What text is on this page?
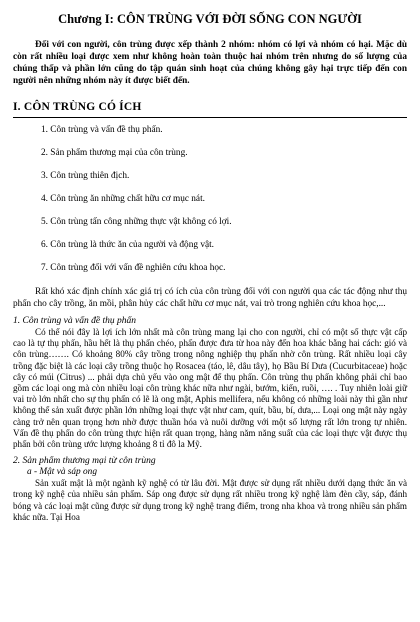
Chương I: CÔN TRÙNG VỚI ĐỜI SỐNG CON NGƯỜI

Đối với con người, côn trùng được xếp thành 2 nhóm: nhóm có lợi và nhóm có hại. Mặc dù còn rất nhiều loại được xem như không hoàn toàn thuộc hai nhóm trên nhưng do số lượng của chúng thấp và phần lớn cũng do tập quán sinh hoạt của chúng không gây hại trực tiếp đến con người nên những nhóm này ít được biết đến.

I. CÔN TRÙNG CÓ ÍCH
1. Côn trùng và vấn đề thụ phấn.
2. Sản phẩm thương mại của côn trùng.
3. Côn trùng thiên địch.
4. Côn trùng ăn những chất hữu cơ mục nát.
5. Côn trùng tấn công những thực vật không có lợi.
6. Côn trùng là thức ăn của người và động vật.
7. Côn trùng đối với vấn đề nghiên cứu khoa học.

Rất khó xác định chính xác giá trị có ích của côn trùng đối với con người qua các tác động như thụ phấn cho cây trồng, ăn mồi, phân hủy các chất hữu cơ mục nát, vai trò trong nghiên cứu khoa học,...

1. Côn trùng và vấn đề thụ phấn

Có thể nói đây là lợi ích lớn nhất mà côn trùng mang lại cho con người, chỉ có một số thực vật cấp cao là tự thụ phấn, hầu hết là thụ phấn chéo, phấn được đưa từ hoa này đến hoa khác bằng hai cách: gió và côn trùng……. Có khoảng 80% cây trồng trong nông nghiệp thụ phấn nhờ côn trùng. Rất nhiều loại cây trồng đặc biệt là các loại cây trồng thuộc họ Rosacea (táo, lê, dâu tây), họ Bầu Bí Dưa (Cucurbitaceae) hoặc cây có múi (Citrus) ... phải dựa chủ yếu vào ong mật để thụ phấn. Côn trùng thụ phấn không phải chỉ bao gồm các loại ong mà còn nhiều loại côn trùng khác nữa như ngài, bướm, kiến, ruồi, …. . Tuy nhiên loài giữ vai trò lớn nhất cho sự thụ phấn có lẽ là ong mật, Aphis mellifera, nếu không có những loài này thì gần như không thể sản xuất được phần lớn những loại thực vật như cam, quít, bầu, bí, dưa,... Loại ong mật này ngày càng trở nên quan trọng hơn nhờ được thuần hóa và nuôi dưỡng với một số lượng rất lớn trong tự nhiên. Vấn đề thụ phấn do côn trùng thực hiện rất quan trọng, hàng năm năng suất của các loại thực vật được thụ phấn bởi côn trùng ước lượng khoảng 8 tỉ đô la Mỹ.

2. Sản phẩm thương mại từ côn trùng
a - Mật và sáp ong

Sản xuất mật là một ngành kỹ nghệ có từ lâu đời. Mật được sử dụng rất nhiều dưới dạng thức ăn và trong kỹ nghệ của nhiều sản phẩm. Sáp ong được sử dụng rất nhiều trong kỹ nghệ làm đèn cầy, sáp, đánh bóng và các loại mật cũng được sử dụng trong kỹ nghệ trang điểm, trong nha khoa và trong nhiều sản phẩm khác nữa. Tại Hoa
